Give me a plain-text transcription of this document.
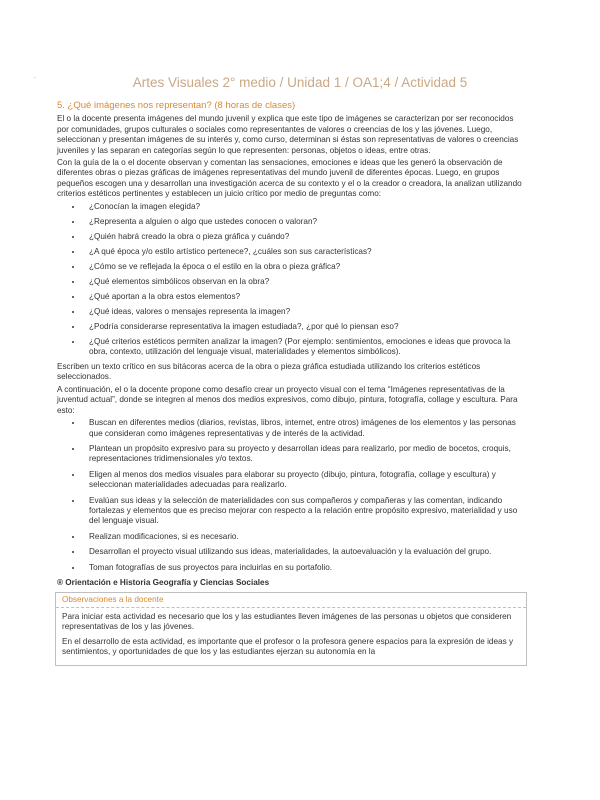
.	Artes Visuales 2° medio / Unidad 1 / OA1;4 / Actividad 5
5. ¿Qué imágenes nos representan? (8 horas de clases)

El o la docente presenta imágenes del mundo juvenil y explica que este tipo de imágenes se caracterizan por ser reconocidos por comunidades, grupos culturales o sociales como representantes de valores o creencias de los y las jóvenes. Luego, seleccionan y presentan imágenes de su interés y, como curso, determinan si éstas son representativas de valores o creencias juveniles y las separan en categorías según lo que representen: personas, objetos o ideas, entre otras.

Con la guía de la o el docente observan y comentan las sensaciones, emociones e ideas que les generó la observación de diferentes obras o piezas gráficas de imágenes representativas del mundo juvenil de diferentes épocas. Luego, en grupos pequeños escogen una y desarrollan una investigación acerca de su contexto y el o la creador o creadora, la analizan utilizando criterios estéticos pertinentes y establecen un juicio crítico por medio de preguntas como:

• ¿Conocían la imagen elegida?
• ¿Representa a alguien o algo que ustedes conocen o valoran?
• ¿Quién habrá creado la obra o pieza gráfica y cuándo?
• ¿A qué época y/o estilo artístico pertenece?, ¿cuáles son sus características?
• ¿Cómo se ve reflejada la época o el estilo en la obra o pieza gráfica?
• ¿Qué elementos simbólicos observan en la obra?
• ¿Qué aportan a la obra estos elementos?
• ¿Qué ideas, valores o mensajes representa la imagen?
• ¿Podría considerarse representativa la imagen estudiada?, ¿por qué lo piensan eso?
• ¿Qué criterios estéticos permiten analizar la imagen? (Por ejemplo: sentimientos, emociones e ideas que provoca la obra, contexto, utilización del lenguaje visual, materialidades y elementos simbólicos).

Escriben un texto crítico en sus bitácoras acerca de la obra o pieza gráfica estudiada utilizando los criterios estéticos seleccionados.

A continuación, el o la docente propone como desafío crear un proyecto visual con el tema “Imágenes representativas de la juventud actual”, donde se integren al menos dos medios expresivos, como dibujo, pintura, fotografía, collage y escultura. Para esto:

• Buscan en diferentes medios (diarios, revistas, libros, internet, entre otros) imágenes de los elementos y las personas que consideran como imágenes representativas y de interés de la actividad.
• Plantean un propósito expresivo para su proyecto y desarrollan ideas para realizarlo, por medio de bocetos, croquis, representaciones tridimensionales y/o textos.
• Eligen al menos dos medios visuales para elaborar su proyecto (dibujo, pintura, fotografía, collage y escultura) y seleccionan materialidades adecuadas para realizarlo.
• Evalúan sus ideas y la selección de materialidades con sus compañeros y compañeras y las comentan, indicando fortalezas y elementos que es preciso mejorar con respecto a la relación entre propósito expresivo, materialidad y uso del lenguaje visual.
• Realizan modificaciones, si es necesario.
• Desarrollan el proyecto visual utilizando sus ideas, materialidades, la autoevaluación y la evaluación del grupo.
• Toman fotografías de sus proyectos para incluirlas en su portafolio.
® Orientación e Historia Geografía y Ciencias Sociales
Observaciones a la docente

Para iniciar esta actividad es necesario que los y las estudiantes lleven imágenes de las personas u objetos que consideren representativas de los y las jóvenes.

En el desarrollo de esta actividad, es importante que el profesor o la profesora genere espacios para la expresión de ideas y sentimientos, y oportunidades de que los y las estudiantes ejerzan su autonomía en la
